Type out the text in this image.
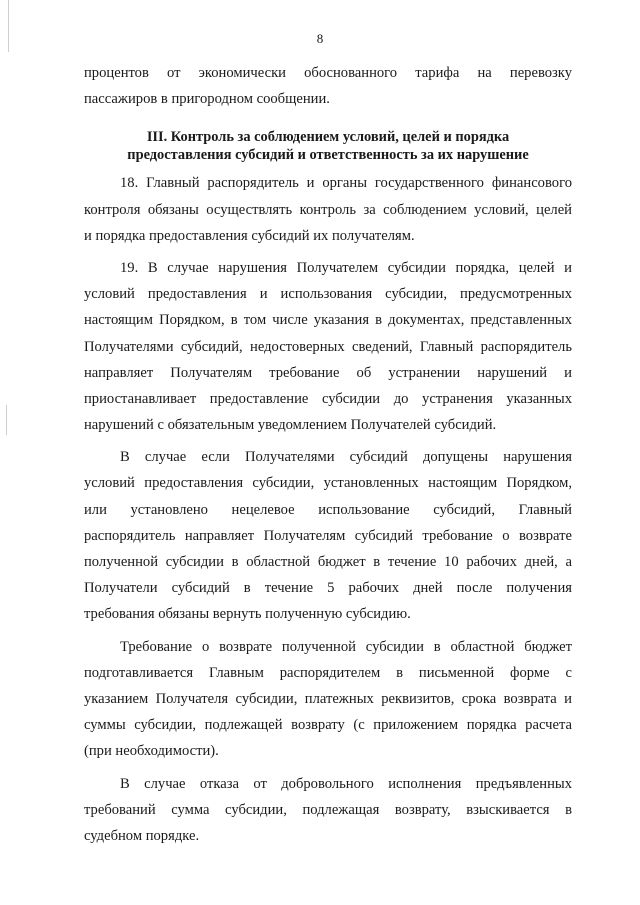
8
процентов от экономически обоснованного тарифа на перевозку
пассажиров в пригородном сообщении.
III. Контроль за соблюдением условий, целей и порядка
предоставления субсидий и ответственность за их нарушение
18. Главный распорядитель и органы государственного финансового
контроля обязаны осуществлять контроль за соблюдением условий, целей
и порядка предоставления субсидий их получателям.
19. В случае нарушения Получателем субсидии порядка, целей и
условий предоставления и использования субсидии, предусмотренных
настоящим Порядком, в том числе указания в документах, представленных
Получателями субсидий, недостоверных сведений, Главный распорядитель
направляет Получателям требование об устранении нарушений и
приостанавливает предоставление субсидии до устранения указанных
нарушений с обязательным уведомлением Получателей субсидий.
В случае если Получателями субсидий допущены нарушения
условий предоставления субсидии, установленных настоящим Порядком,
или установлено нецелевое использование субсидий, Главный
распорядитель направляет Получателям субсидий требование о возврате
полученной субсидии в областной бюджет в течение 10 рабочих дней, а
Получатели субсидий в течение 5 рабочих дней после получения
требования обязаны вернуть полученную субсидию.
Требование о возврате полученной субсидии в областной бюджет
подготавливается Главным распорядителем в письменной форме с
указанием Получателя субсидии, платежных реквизитов, срока возврата и
суммы субсидии, подлежащей возврату (с приложением порядка расчета
(при необходимости).
В случае отказа от добровольного исполнения предъявленных
требований сумма субсидии, подлежащая возврату, взыскивается в
судебном порядке.
